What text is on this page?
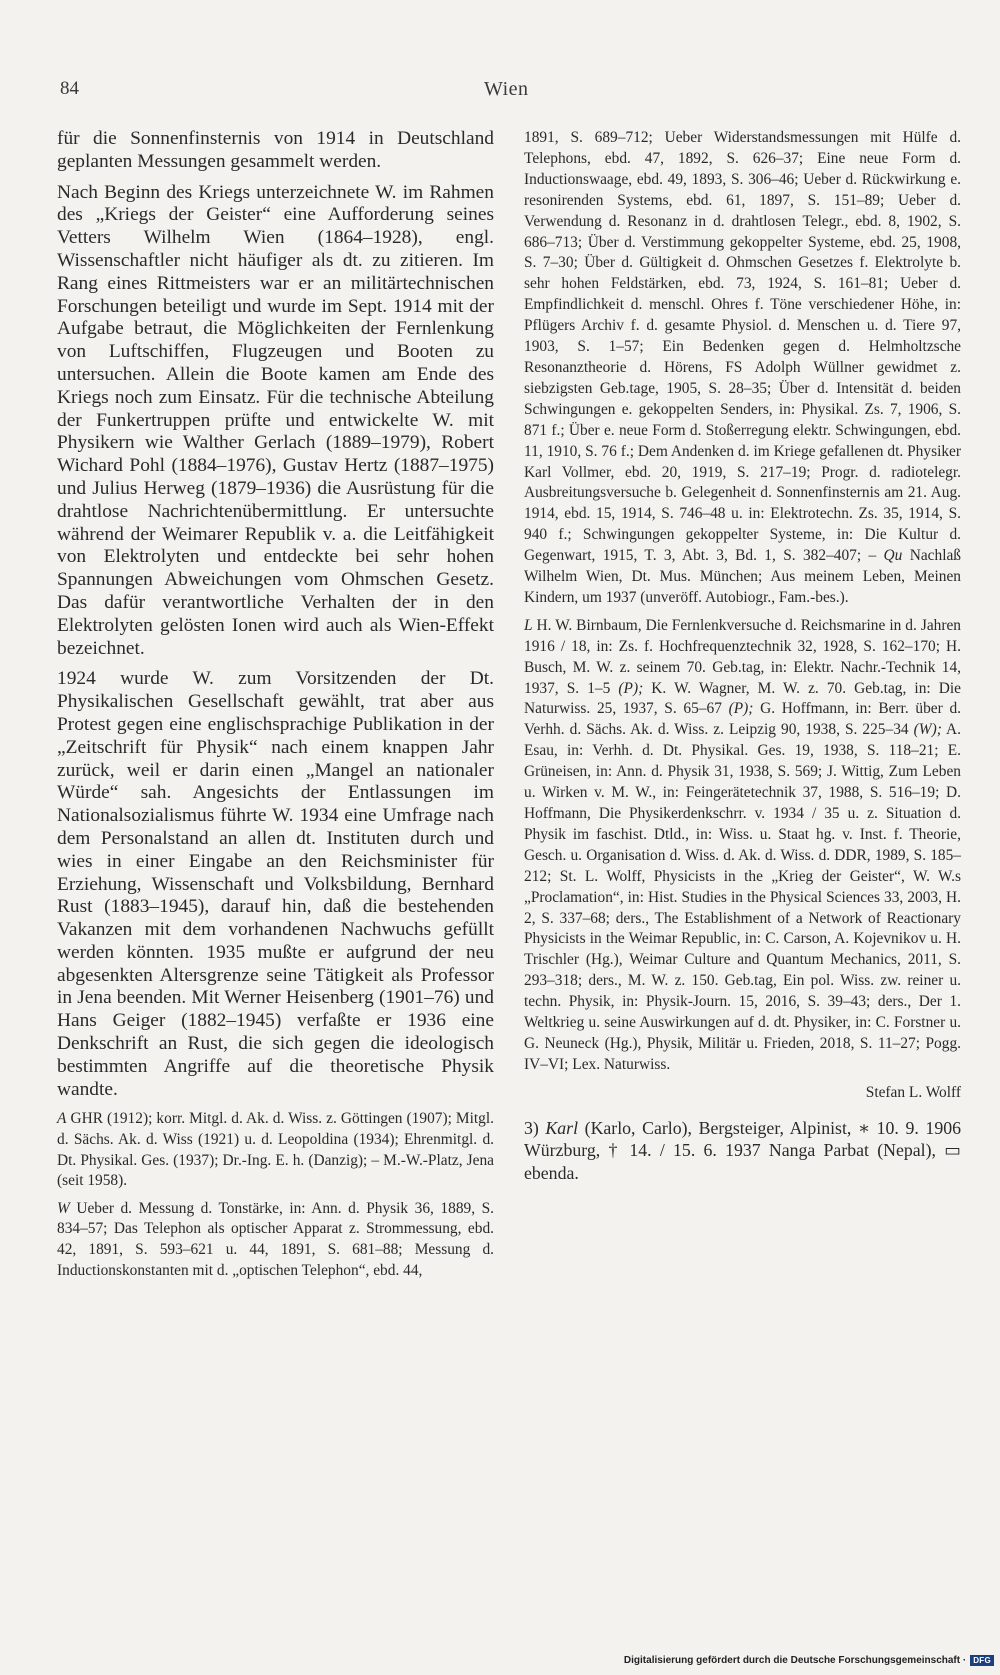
84	Wien

für die Sonnenfinsternis von 1914 in Deutschland geplanten Messungen gesammelt werden.

Nach Beginn des Kriegs unterzeichnete W. im Rahmen des „Kriegs der Geister“ eine Aufforderung seines Vetters Wilhelm Wien (1864–1928), engl. Wissenschaftler nicht häufiger als dt. zu zitieren. Im Rang eines Rittmeisters war er an militärtechnischen Forschungen beteiligt und wurde im Sept. 1914 mit der Aufgabe betraut, die Möglichkeiten der Fernlenkung von Luftschiffen, Flugzeugen und Booten zu untersuchen. Allein die Boote kamen am Ende des Kriegs noch zum Einsatz. Für die technische Abteilung der Funkertruppen prüfte und entwickelte W. mit Physikern wie Walther Gerlach (1889–1979), Robert Wichard Pohl (1884–1976), Gustav Hertz (1887–1975) und Julius Herweg (1879–1936) die Ausrüstung für die drahtlose Nachrichtenübermittlung. Er untersuchte während der Weimarer Republik v. a. die Leitfähigkeit von Elektrolyten und entdeckte bei sehr hohen Spannungen Abweichungen vom Ohmschen Gesetz. Das dafür verantwortliche Verhalten der in den Elektrolyten gelösten Ionen wird auch als Wien-Effekt bezeichnet.

1924 wurde W. zum Vorsitzenden der Dt. Physikalischen Gesellschaft gewählt, trat aber aus Protest gegen eine englischsprachige Publikation in der „Zeitschrift für Physik“ nach einem knappen Jahr zurück, weil er darin einen „Mangel an nationaler Würde“ sah. Angesichts der Entlassungen im Nationalsozialismus führte W. 1934 eine Umfrage nach dem Personalstand an allen dt. Instituten durch und wies in einer Eingabe an den Reichsminister für Erziehung, Wissenschaft und Volksbildung, Bernhard Rust (1883–1945), darauf hin, daß die bestehenden Vakanzen mit dem vorhandenen Nachwuchs gefüllt werden könnten. 1935 mußte er aufgrund der neu abgesenkten Altersgrenze seine Tätigkeit als Professor in Jena beenden. Mit Werner Heisenberg (1901–76) und Hans Geiger (1882–1945) verfaßte er 1936 eine Denkschrift an Rust, die sich gegen die ideologisch bestimmten Angriffe auf die theoretische Physik wandte.

A GHR (1912); korr. Mitgl. d. Ak. d. Wiss. z. Göttingen (1907); Mitgl. d. Sächs. Ak. d. Wiss (1921) u. d. Leopoldina (1934); Ehrenmitgl. d. Dt. Physikal. Ges. (1937); Dr.-Ing. E. h. (Danzig); – M.-W.-Platz, Jena (seit 1958).

W Ueber d. Messung d. Tonstärke, in: Ann. d. Physik 36, 1889, S. 834–57; Das Telephon als optischer Apparat z. Strommessung, ebd. 42, 1891, S. 593–621 u. 44, 1891, S. 681–88; Messung d. Inductionskonstanten mit d. „optischen Telephon“, ebd. 44,

1891, S. 689–712; Ueber Widerstandsmessungen mit Hülfe d. Telephons, ebd. 47, 1892, S. 626–37; Eine neue Form d. Inductionswaage, ebd. 49, 1893, S. 306–46; Ueber d. Rückwirkung e. resonirenden Systems, ebd. 61, 1897, S. 151–89; Ueber d. Verwendung d. Resonanz in d. drahtlosen Telegr., ebd. 8, 1902, S. 686–713; Über d. Verstimmung gekoppelter Systeme, ebd. 25, 1908, S. 7–30; Über d. Gültigkeit d. Ohmschen Gesetzes f. Elektrolyte b. sehr hohen Feldstärken, ebd. 73, 1924, S. 161–81; Ueber d. Empfindlichkeit d. menschl. Ohres f. Töne verschiedener Höhe, in: Pflügers Archiv f. d. gesamte Physiol. d. Menschen u. d. Tiere 97, 1903, S. 1–57; Ein Bedenken gegen d. Helmholtzsche Resonanztheorie d. Hörens, FS Adolph Wüllner gewidmet z. siebzigsten Geb.tage, 1905, S. 28–35; Über d. Intensität d. beiden Schwingungen e. gekoppelten Senders, in: Physikal. Zs. 7, 1906, S. 871 f.; Über e. neue Form d. Stoßerregung elektr. Schwingungen, ebd. 11, 1910, S. 76 f.; Dem Andenken d. im Kriege gefallenen dt. Physiker Karl Vollmer, ebd. 20, 1919, S. 217–19; Progr. d. radiotelegr. Ausbreitungsversuche b. Gelegenheit d. Sonnenfinsternis am 21. Aug. 1914, ebd. 15, 1914, S. 746–48 u. in: Elektrotechn. Zs. 35, 1914, S. 940 f.; Schwingungen gekoppelter Systeme, in: Die Kultur d. Gegenwart, 1915, T. 3, Abt. 3, Bd. 1, S. 382–407; – Qu Nachlaß Wilhelm Wien, Dt. Mus. München; Aus meinem Leben, Meinen Kindern, um 1937 (unveröff. Autobiogr., Fam.-bes.).

L H. W. Birnbaum, Die Fernlenkversuche d. Reichsmarine in d. Jahren 1916 / 18, in: Zs. f. Hochfrequenztechnik 32, 1928, S. 162–170; H. Busch, M. W. z. seinem 70. Geb.tag, in: Elektr. Nachr.-Technik 14, 1937, S. 1–5 (P); K. W. Wagner, M. W. z. 70. Geb.tag, in: Die Naturwiss. 25, 1937, S. 65–67 (P); G. Hoffmann, in: Berr. über d. Verhh. d. Sächs. Ak. d. Wiss. z. Leipzig 90, 1938, S. 225–34 (W); A. Esau, in: Verhh. d. Dt. Physikal. Ges. 19, 1938, S. 118–21; E. Grüneisen, in: Ann. d. Physik 31, 1938, S. 569; J. Wittig, Zum Leben u. Wirken v. M. W., in: Feingerätetechnik 37, 1988, S. 516–19; D. Hoffmann, Die Physikerdenkschrr. v. 1934 / 35 u. z. Situation d. Physik im faschist. Dtld., in: Wiss. u. Staat hg. v. Inst. f. Theorie, Gesch. u. Organisation d. Wiss. d. Ak. d. Wiss. d. DDR, 1989, S. 185–212; St. L. Wolff, Physicists in the „Krieg der Geister“, W. W.s „Proclamation“, in: Hist. Studies in the Physical Sciences 33, 2003, H. 2, S. 337–68; ders., The Establishment of a Network of Reactionary Physicists in the Weimar Republic, in: C. Carson, A. Kojevnikov u. H. Trischler (Hg.), Weimar Culture and Quantum Mechanics, 2011, S. 293–318; ders., M. W. z. 150. Geb.tag, Ein pol. Wiss. zw. reiner u. techn. Physik, in: Physik-Journ. 15, 2016, S. 39–43; ders., Der 1. Weltkrieg u. seine Auswirkungen auf d. dt. Physiker, in: C. Forstner u. G. Neuneck (Hg.), Physik, Militär u. Frieden, 2018, S. 11–27; Pogg. IV–VI; Lex. Naturwiss.

Stefan L. Wolff

3) Karl (Karlo, Carlo), Bergsteiger, Alpinist, ∗ 10. 9. 1906 Würzburg, † 14. / 15. 6. 1937 Nanga Parbat (Nepal), ▭ ebenda.

Digitalisierung gefördert durch die Deutsche Forschungsgemeinschaft · DFG
